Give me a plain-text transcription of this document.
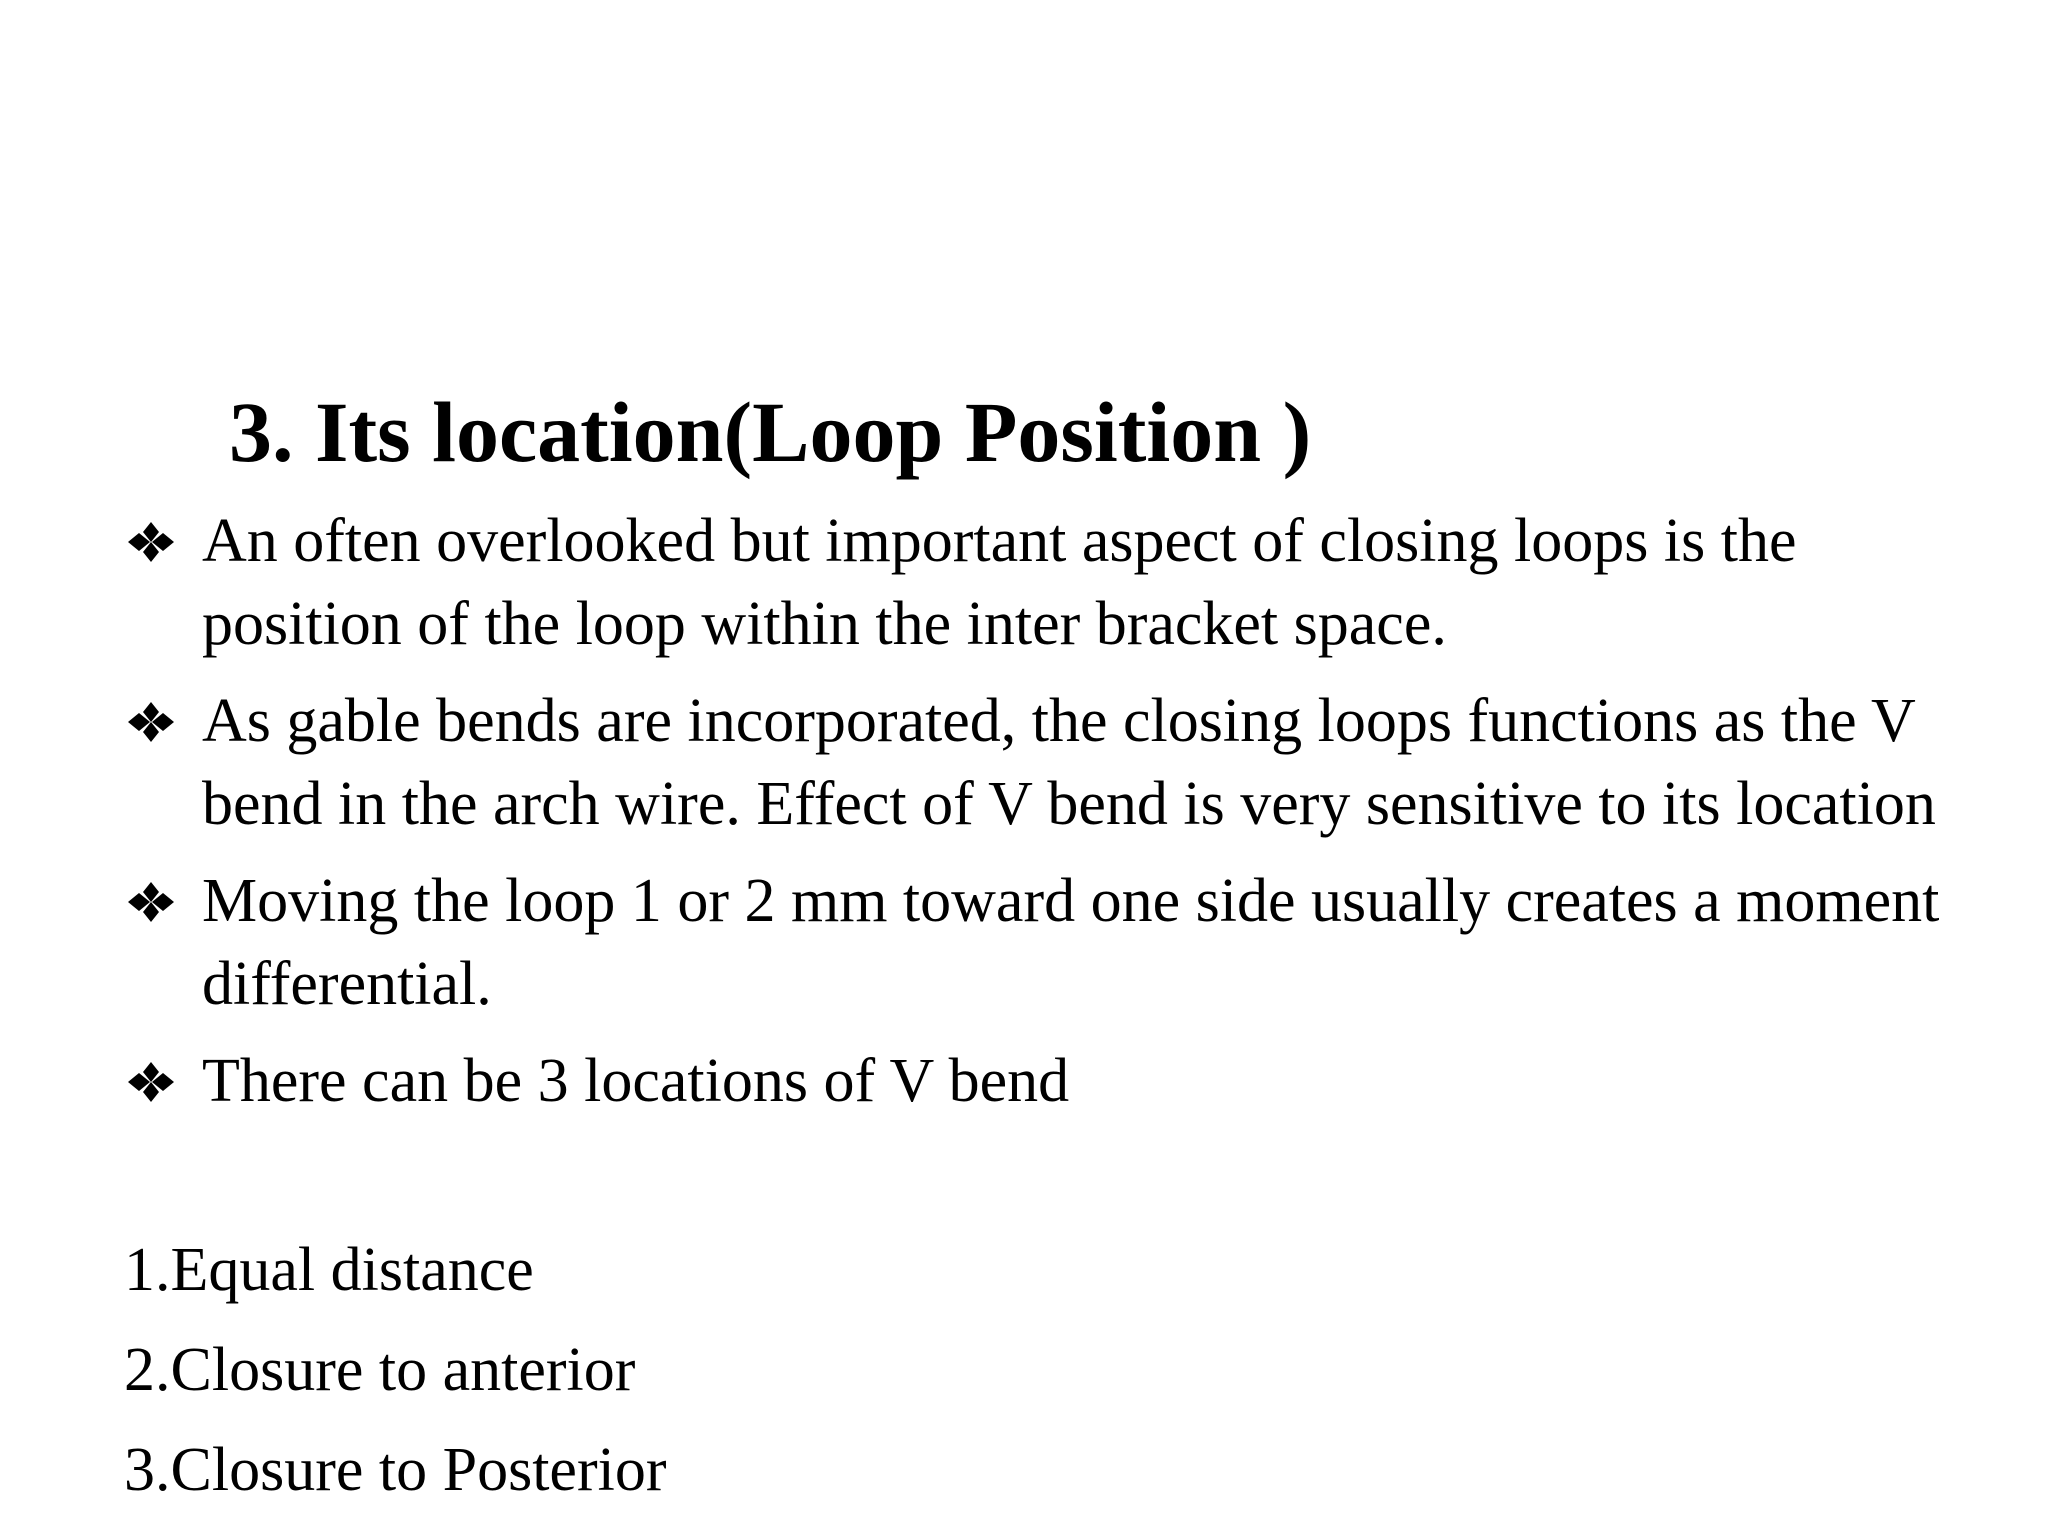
3. Its location(Loop Position )
An often overlooked but important aspect of closing loops is the position of the loop within the inter bracket space.
As gable bends are incorporated, the closing loops functions as the V bend in the arch wire. Effect of V bend is very sensitive to its location
Moving the loop 1 or 2 mm toward one side usually creates a moment differential.
There can be 3 locations of V bend
1.Equal distance
2.Closure to anterior
3.Closure to Posterior
